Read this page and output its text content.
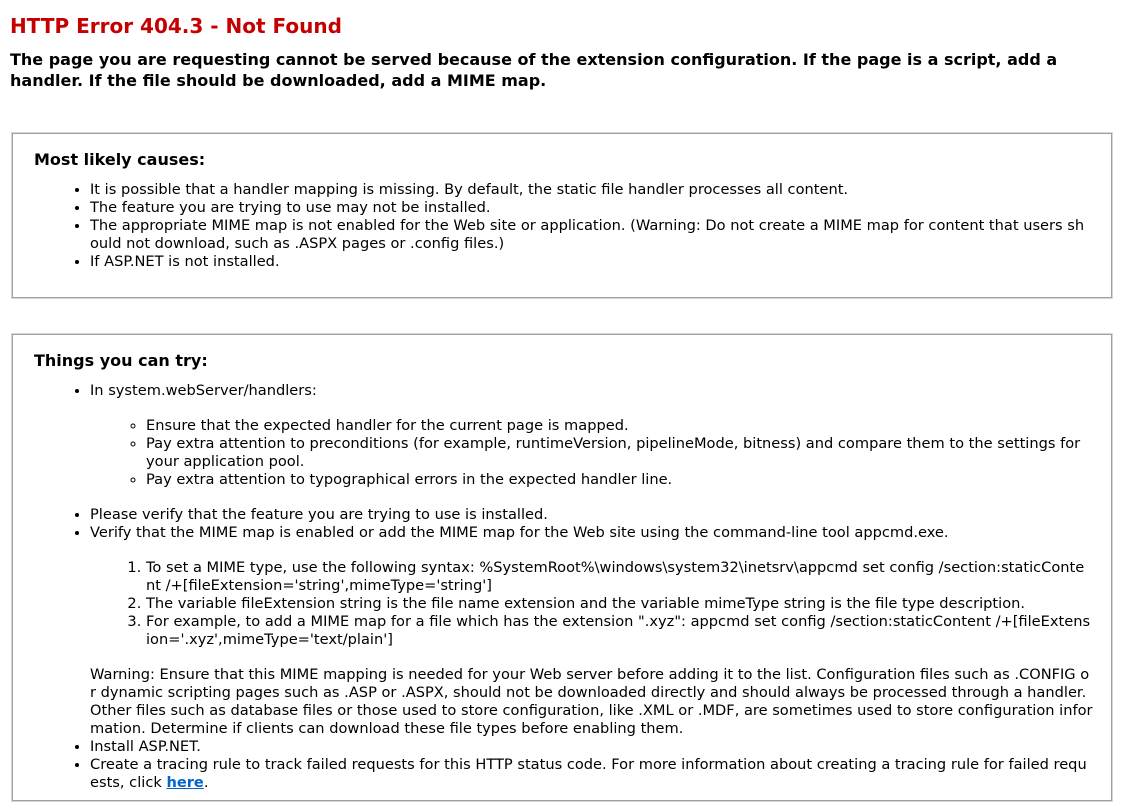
HTTP Error 404.3 - Not Found
The page you are requesting cannot be served because of the extension configuration. If the page is a script, add a handler. If the file should be downloaded, add a MIME map.
Most likely causes:
• It is possible that a handler mapping is missing. By default, the static file handler processes all content.
• The feature you are trying to use may not be installed.
• The appropriate MIME map is not enabled for the Web site or application. (Warning: Do not create a MIME map for content that users should not download, such as .ASPX pages or .config files.)
• If ASP.NET is not installed.
Things you can try:
• In system.webServer/handlers:
◦ Ensure that the expected handler for the current page is mapped.
◦ Pay extra attention to preconditions (for example, runtimeVersion, pipelineMode, bitness) and compare them to the settings for your application pool.
◦ Pay extra attention to typographical errors in the expected handler line.
• Please verify that the feature you are trying to use is installed.
• Verify that the MIME map is enabled or add the MIME map for the Web site using the command-line tool appcmd.exe.
1. To set a MIME type, use the following syntax: %SystemRoot%\windows\system32\inetsrv\appcmd set config /section:staticContent /+[fileExtension='string',mimeType='string']
2. The variable fileExtension string is the file name extension and the variable mimeType string is the file type description.
3. For example, to add a MIME map for a file which has the extension ".xyz": appcmd set config /section:staticContent /+[fileExtension='.xyz',mimeType='text/plain']
Warning: Ensure that this MIME mapping is needed for your Web server before adding it to the list. Configuration files such as .CONFIG or dynamic scripting pages such as .ASP or .ASPX, should not be downloaded directly and should always be processed through a handler. Other files such as database files or those used to store configuration, like .XML or .MDF, are sometimes used to store configuration information. Determine if clients can download these file types before enabling them.
• Install ASP.NET.
• Create a tracing rule to track failed requests for this HTTP status code. For more information about creating a tracing rule for failed requests, click here.
